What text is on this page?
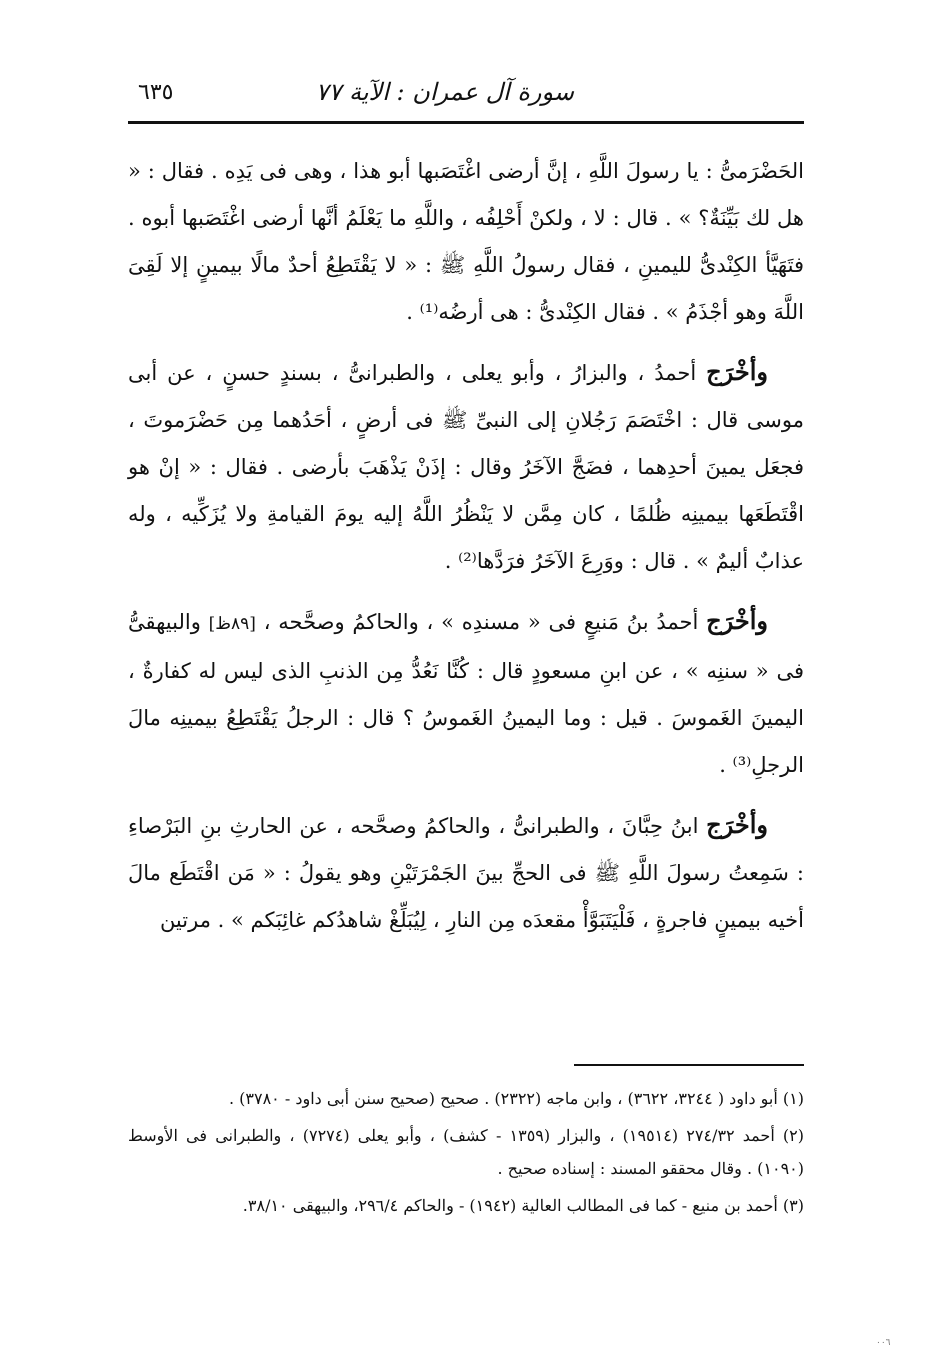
سورة آل عمران : الآية ٧٧
٦٣٥

الحَضْرَمىُّ : يا رسولَ اللَّهِ ، إنَّ أرضى اغْتَصَبها أبو هذا ، وهى فى يَدِه . فقال : « هل لك بَيِّنَةٌ؟ » . قال : لا ، ولكنْ أَحْلِفُه ، واللَّهِ ما يَعْلَمُ أنَّها أرضى اغْتَصَبها أبوه . فتَهَيَّأ الكِنْدىُّ لليمينِ ، فقال رسولُ اللَّهِ ﷺ : « لا يَقْتَطِعُ أحدٌ مالًا بيمينٍ إلا لَقِىَ اللَّهَ وهو أجْذَمُ » . فقال الكِنْدىُّ : هى أرضُه⁽¹⁾ .

وأخْرَج أحمدُ ، والبزارُ ، وأبو يعلى ، والطبرانىُّ ، بسندٍ حسنٍ ، عن أبى موسى قال : اخْتَصَمَ رَجُلانِ إلى النبىِّ ﷺ فى أرضٍ ، أحَدُهما مِن حَضْرَموتَ ، فجعَل يمينَ أحدِهما ، فضَجَّ الآخَرُ وقال : إذَنْ يَذْهَبَ بأرضى . فقال : « إنْ هو اقْتَطَعَها بيمينِه ظُلمًا ، كان مِمَّن لا يَنْظُرُ اللَّهُ إليه يومَ القيامةِ ولا يُزَكِّيه ، وله عذابٌ أليمٌ » . قال : ووَرِعَ الآخَرُ فرَدَّها⁽²⁾ .

وأخْرَج أحمدُ بنُ مَنيعٍ فى « مسندِه » ، والحاكمُ وصحَّحه ، [٨٩ظ] والبيهقىُّ فى « سننِه » ، عن ابنِ مسعودٍ قال : كُنَّا نَعُدُّ مِن الذنبِ الذى ليس له كفارةٌ ، اليمينَ الغَموسَ . قيل : وما اليمينُ الغَموسُ ؟ قال : الرجلُ يَقْتَطِعُ بيمينِه مالَ الرجلِ⁽³⁾ .

وأخْرَج ابنُ حِبَّانَ ، والطبرانىُّ ، والحاكمُ وصحَّحه ، عن الحارثِ بنِ البَرْصاءِ : سَمِعتُ رسولَ اللَّهِ ﷺ فى الحجِّ بينَ الجَمْرَتَيْنِ وهو يقولُ : « مَن اقْتَطَع مالَ أخيه بيمينٍ فاجرةٍ ، فَلْيَتَبَوَّأْ مقعدَه مِن النارِ ، لِيُبَلِّغْ شاهدُكم غائِبَكم » . مرتين

(١) أبو داود ( ٣٢٤٤، ٣٦٢٢) ، وابن ماجه (٢٣٢٢) . صحيح (صحيح سنن أبى داود - ٣٧٨٠) .

(٢) أحمد ٢٧٤/٣٢ (١٩٥١٤) ، والبزار (١٣٥٩ - كشف) ، وأبو يعلى (٧٢٧٤) ، والطبرانى فى الأوسط (١٠٩٠) . وقال محققو المسند : إسناده صحيح .

(٣) أحمد بن منيع - كما فى المطالب العالية (١٩٤٢) - والحاكم ٢٩٦/٤، والبيهقى ٣٨/١٠.

٠٠٦
